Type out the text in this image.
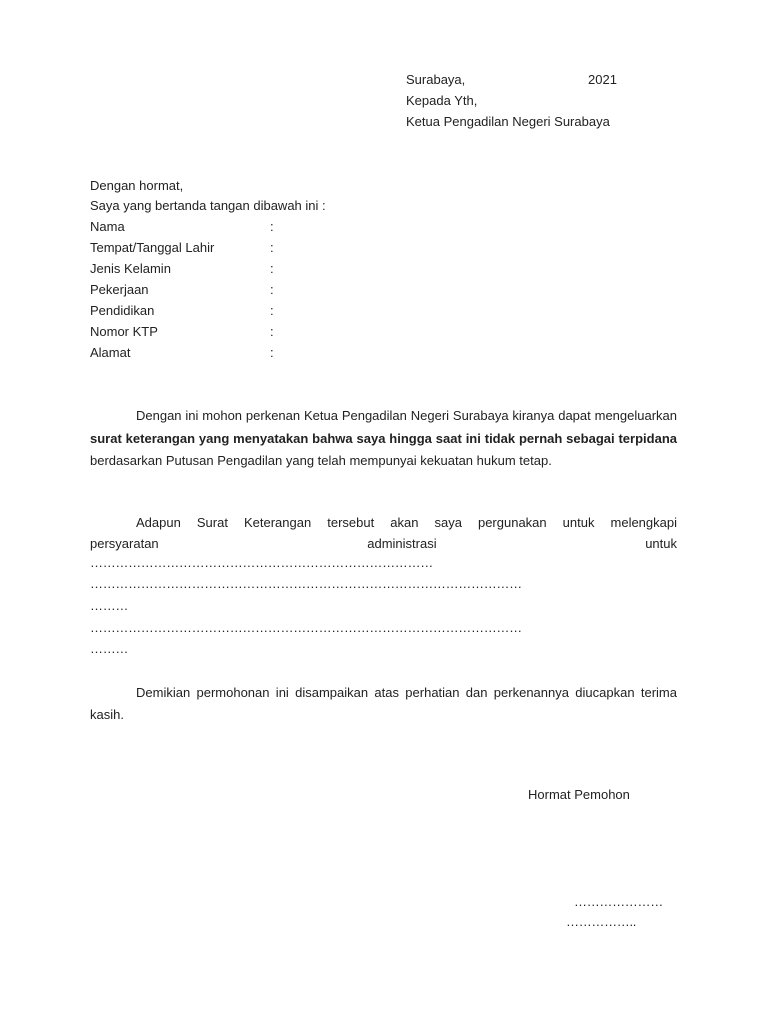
Surabaya,	2021
Kepada Yth,
Ketua Pengadilan Negeri Surabaya
Dengan hormat,
Saya yang bertanda tangan dibawah ini :
Nama	:
Tempat/Tanggal Lahir	:
Jenis Kelamin	:
Pekerjaan	:
Pendidikan	:
Nomor KTP	:
Alamat	:
Dengan ini mohon perkenan Ketua Pengadilan Negeri Surabaya kiranya dapat mengeluarkan surat keterangan yang menyatakan bahwa saya hingga saat ini tidak pernah sebagai terpidana berdasarkan Putusan Pengadilan yang telah mempunyai kekuatan hukum tetap.
Adapun Surat Keterangan tersebut akan saya pergunakan untuk melengkapi
persyaratan administrasi untuk
………………………………………………………………………
…………………………………………………………………………………………
………
…………………………………………………………………………………………
………
Demikian permohonan ini disampaikan atas perhatian dan perkenannya diucapkan terima kasih.
Hormat Pemohon
…………………
……………..
